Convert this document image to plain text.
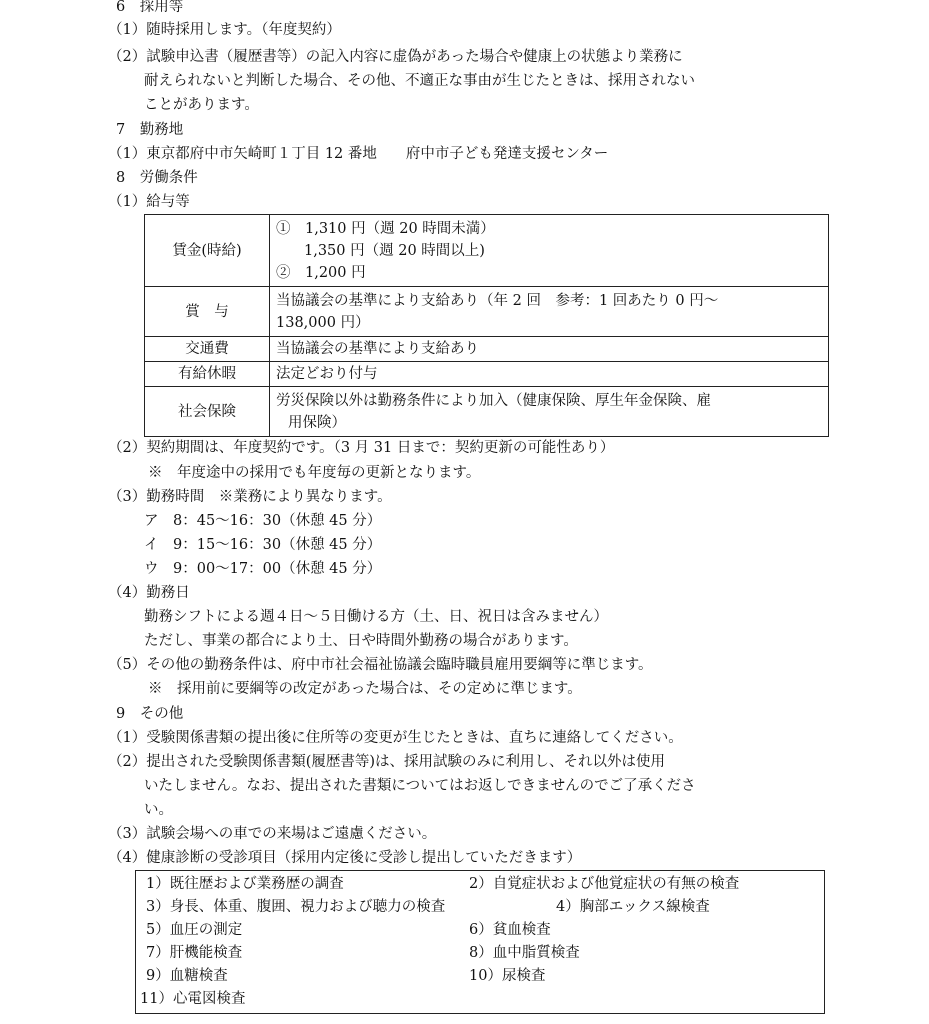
6　採用等
（1）随時採用します。（年度契約）
（2）試験申込書（履歴書等）の記入内容に虚偽があった場合や健康上の状態より業務に
耐えられないと判断した場合、その他、不適正な事由が生じたときは、採用されない
ことがあります。
7　勤務地
（1）東京都府中市矢崎町１丁目 12 番地　　府中市子ども発達支援センター
8　労働条件
（1）給与等
賃金(時給)	①　1,310 円（週 20 時間未満）
1,350 円（週 20 時間以上)
②　1,200 円

賞　与	当協議会の基準により支給あり（年 2 回　参考：1 回あたり 0 円～
138,000 円）

交通費	当協議会の基準により支給あり
有給休暇	法定どおり付与
社会保険	労災保険以外は勤務条件により加入（健康保険、厚生年金保険、雇
用保険）
（2）契約期間は、年度契約です。（3 月 31 日まで：契約更新の可能性あり）
※　年度途中の採用でも年度毎の更新となります。
（3）勤務時間　※業務により異なります。
ア　8：45～16：30（休憩 45 分）
イ　9：15～16：30（休憩 45 分）
ウ　9：00～17：00（休憩 45 分）
（4）勤務日
勤務シフトによる週４日～５日働ける方（土、日、祝日は含みません）
ただし、事業の都合により土、日や時間外勤務の場合があります。
（5）その他の勤務条件は、府中市社会福祉協議会臨時職員雇用要綱等に準じます。
※　採用前に要綱等の改定があった場合は、その定めに準じます。
9　その他
（1）受験関係書類の提出後に住所等の変更が生じたときは、直ちに連絡してください。
（2）提出された受験関係書類(履歴書等)は、採用試験のみに利用し、それ以外は使用
いたしません。なお、提出された書類についてはお返しできませんのでご了承くださ
い。
（3）試験会場への車での来場はご遠慮ください。
（4）健康診断の受診項目（採用内定後に受診し提出していただきます）
1）既往歴および業務歴の調査	2）自覚症状および他覚症状の有無の検査
3）身長、体重、腹囲、視力および聴力の検査	4）胸部エックス線検査
5）血圧の測定	6）貧血検査
7）肝機能検査	8）血中脂質検査
9）血糖検査	10）尿検査
11）心電図検査
